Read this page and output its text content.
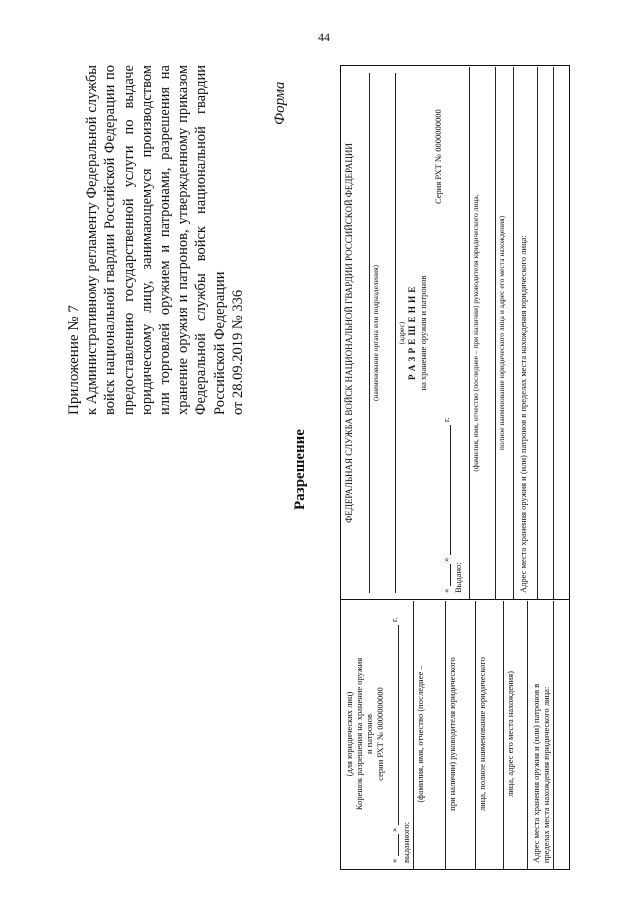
44
Приложение № 7 к Административному регламенту Федеральной службы войск национальной гвардии Российской Федерации по предоставлению государственной услуги по выдаче юридическому лицу, занимающемуся производством или торговлей оружием и патронами, разрешения на хранение оружия и патронов, утвержденному приказом Федеральной службы войск национальной гвардии Российской Федерации от 28.09.2019 № 336
Форма
Разрешение
(для юридических лиц) Корешок разрешения на хранение оружия и патронов серии РХТ № 0000000000
«
»
г.
выданного:
(фамилия, имя, отчество (последнее –	при наличии) руководителя юридического лица, полное наименование юридического лица, адрес его места нахождения) Адрес места хранения оружия и (или) патронов в пределах места нахождения юридического лица:
ФЕДЕРАЛЬНАЯ СЛУЖБА ВОЙСК НАЦИОНАЛЬНОЙ ГВАРДИИ РОССИЙСКОЙ ФЕДЕРАЦИИ (наименование органа или подразделения) (адрес) Р А З Р Е Ш Е Н И Е на хранение оружия и патронов
Серия РХТ № 0000000000
«
»
г.
Выдано:
(фамилия, имя, отчество (последнее – при наличии) руководителя юридического лица, полное наименование юридического лица и адрес его места нахождения) Адрес места хранения оружия и (или) патронов в пределах места нахождения юридического лица:
